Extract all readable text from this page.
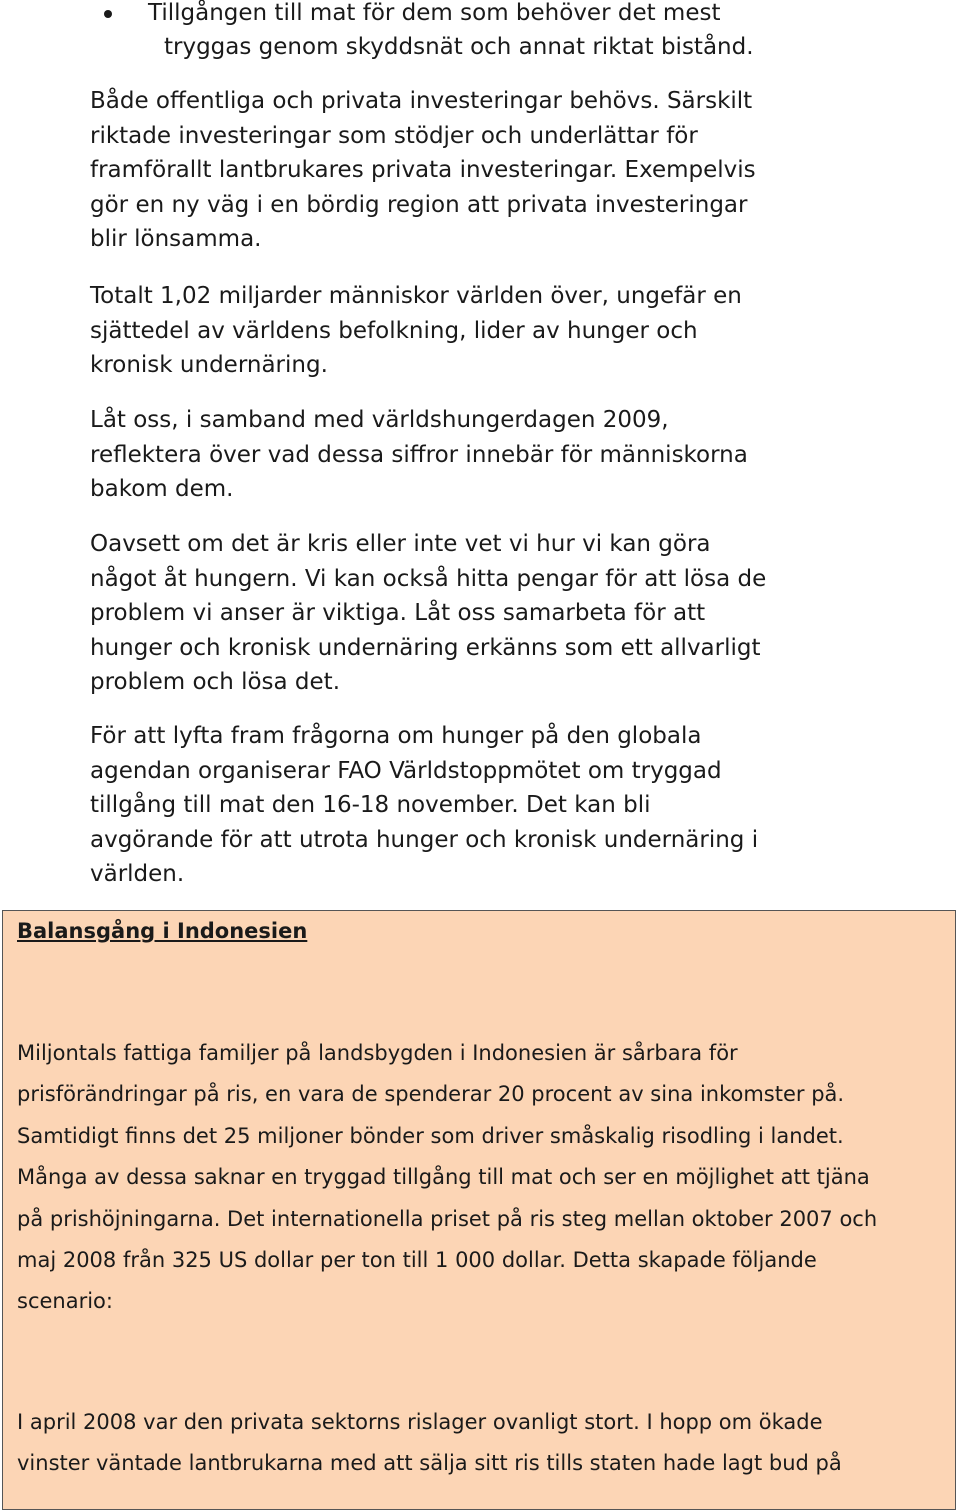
Tillgången till mat för dem som behöver det mest
tryggas genom skyddsnät och annat riktat bistånd.

Både offentliga och privata investeringar behövs. Särskilt
riktade investeringar som stödjer och underlättar för
framförallt lantbrukares privata investeringar. Exempelvis
gör en ny väg i en bördig region att privata investeringar
blir lönsamma.

Totalt 1,02 miljarder människor världen över, ungefär en
sjättedel av världens befolkning, lider av hunger och
kronisk undernäring.

Låt oss, i samband med världshungerdagen 2009,
reflektera över vad dessa siffror innebär för människorna
bakom dem.

Oavsett om det är kris eller inte vet vi hur vi kan göra
något åt hungern. Vi kan också hitta pengar för att lösa de
problem vi anser är viktiga. Låt oss samarbeta för att
hunger och kronisk undernäring erkänns som ett allvarligt
problem och lösa det.

För att lyfta fram frågorna om hunger på den globala
agendan organiserar FAO Världstoppmötet om tryggad
tillgång till mat den 16-18 november. Det kan bli
avgörande för att utrota hunger och kronisk undernäring i
världen.

Balansgång i Indonesien

Miljontals fattiga familjer på landsbygden i Indonesien är sårbara för
prisförändringar på ris, en vara de spenderar 20 procent av sina inkomster på.
Samtidigt finns det 25 miljoner bönder som driver småskalig risodling i landet.
Många av dessa saknar en tryggad tillgång till mat och ser en möjlighet att tjäna
på prishöjningarna. Det internationella priset på ris steg mellan oktober 2007 och
maj 2008 från 325 US dollar per ton till 1 000 dollar. Detta skapade följande
scenario:

I april 2008 var den privata sektorns rislager ovanligt stort. I hopp om ökade
vinster väntade lantbrukarna med att sälja sitt ris tills staten hade lagt bud på
